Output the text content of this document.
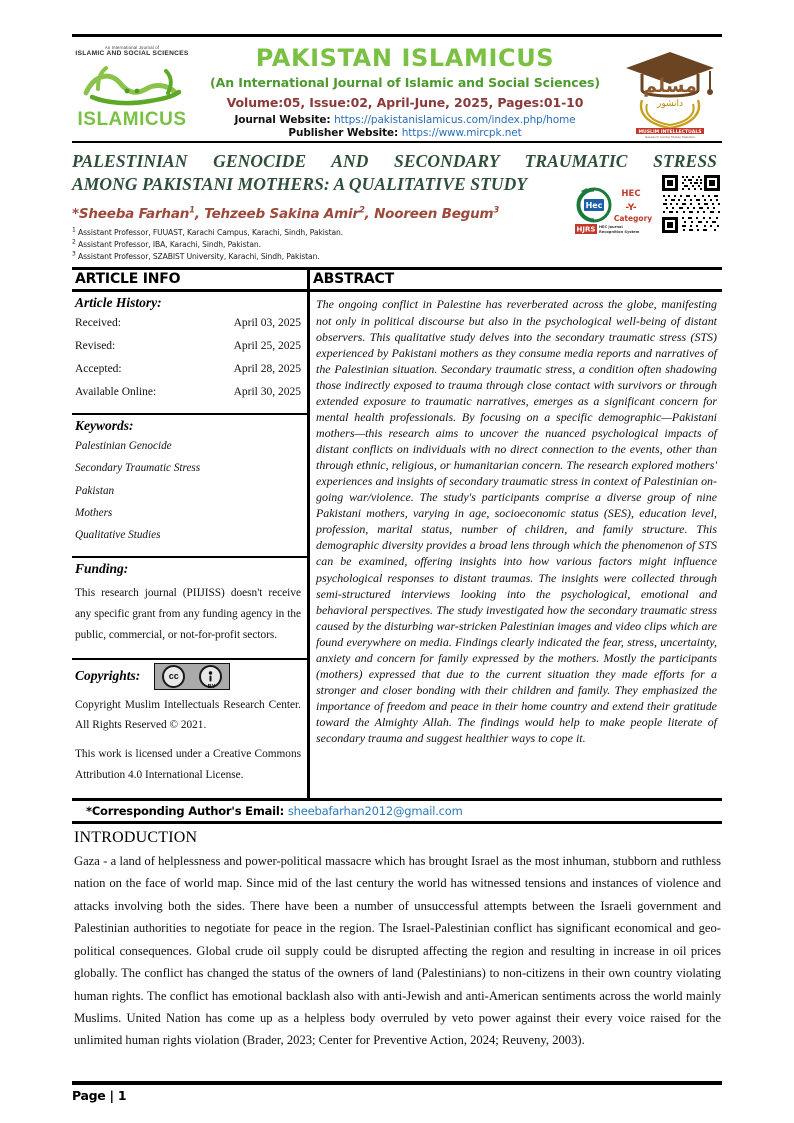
An International Journal of
ISLAMIC AND SOCIAL SCIENCES
ISLAMICUS
PAKISTAN ISLAMICUS
(An International Journal of Islamic and Social Sciences)
Volume:05, Issue:02, April-June, 2025, Pages:01-10
Journal Website: https://pakistanislamicus.com/index.php/home
Publisher Website: https://www.mircpk.net
مسلم
دانشور
MUSLIM INTELLECTUALS
Research Centre Multan Pakistan
PALESTINIAN GENOCIDE AND SECONDARY TRAUMATIC STRESS
AMONG PAKISTANI MOTHERS: A QUALITATIVE STUDY
*Sheeba Farhan$^1$, Tehzeeb Sakina Amir$^2$, Nooreen Begum$^3$
$^1$ Assistant Professor, FUUAST, Karachi Campus, Karachi, Sindh, Pakistan.
$^2$ Assistant Professor, IBA, Karachi, Sindh, Pakistan.
$^3$ Assistant Professor, SZABIST University, Karachi, Sindh, Pakistan.
Hec
HEC
-Y-
Category
HJRS HEC Journal
Recognition System
ARTICLE INFO
Article History:
Received:	April 03, 2025
Revised:	April 25, 2025
Accepted:	April 28, 2025
Available Online:	April 30, 2025
Keywords:
Palestinian Genocide
Secondary Traumatic Stress
Pakistan
Mothers
Qualitative Studies
Funding:

This research journal (PIIJISS) doesn't receive any specific grant from any funding agency in the public, commercial, or not-for-profit sectors.

Copyrights:	cc
BY

Copyright Muslim Intellectuals Research Center. All Rights Reserved © 2021.

This work is licensed under a Creative Commons Attribution 4.0 International License.

ABSTRACT

The ongoing conflict in Palestine has reverberated across the globe, manifesting not only in political discourse but also in the psychological well-being of distant observers. This qualitative study delves into the secondary traumatic stress (STS) experienced by Pakistani mothers as they consume media reports and narratives of the Palestinian situation. Secondary traumatic stress, a condition often shadowing those indirectly exposed to trauma through close contact with survivors or through extended exposure to traumatic narratives, emerges as a significant concern for mental health professionals. By focusing on a specific demographic—Pakistani mothers—this research aims to uncover the nuanced psychological impacts of distant conflicts on individuals with no direct connection to the events, other than through ethnic, religious, or humanitarian concern. The research explored mothers' experiences and insights of secondary traumatic stress in context of Palestinian on-going war/violence. The study's participants comprise a diverse group of nine Pakistani mothers, varying in age, socioeconomic status (SES), education level, profession, marital status, number of children, and family structure. This demographic diversity provides a broad lens through which the phenomenon of STS can be examined, offering insights into how various factors might influence psychological responses to distant traumas. The insights were collected through semi-structured interviews looking into the psychological, emotional and behavioral perspectives. The study investigated how the secondary traumatic stress caused by the disturbing war-stricken Palestinian images and video clips which are found everywhere on media. Findings clearly indicated the fear, stress, uncertainty, anxiety and concern for family expressed by the mothers. Mostly the participants (mothers) expressed that due to the current situation they made efforts for a stronger and closer bonding with their children and family. They emphasized the importance of freedom and peace in their home country and extend their gratitude toward the Almighty Allah. The findings would help to make people literate of secondary trauma and suggest healthier ways to cope it.

*Corresponding Author's Email: sheebafarhan2012@gmail.com
INTRODUCTION
Gaza - a land of helplessness and power-political massacre which has brought Israel as the most inhuman, stubborn and ruthless nation on the face of world map. Since mid of the last century the world has witnessed tensions and instances of violence and attacks involving both the sides. There have been a number of unsuccessful attempts between the Israeli government and Palestinian authorities to negotiate for peace in the region. The Israel-Palestinian conflict has significant economical and geo-political consequences. Global crude oil supply could be disrupted affecting the region and resulting in increase in oil prices globally. The conflict has changed the status of the owners of land (Palestinians) to non-citizens in their own country violating human rights. The conflict has emotional backlash also with anti-Jewish and anti-American sentiments across the world mainly Muslims. United Nation has come up as a helpless body overruled by veto power against their every voice raised for the unlimited human rights violation (Brader, 2023; Center for Preventive Action, 2024; Reuveny, 2003).
Page | 1
